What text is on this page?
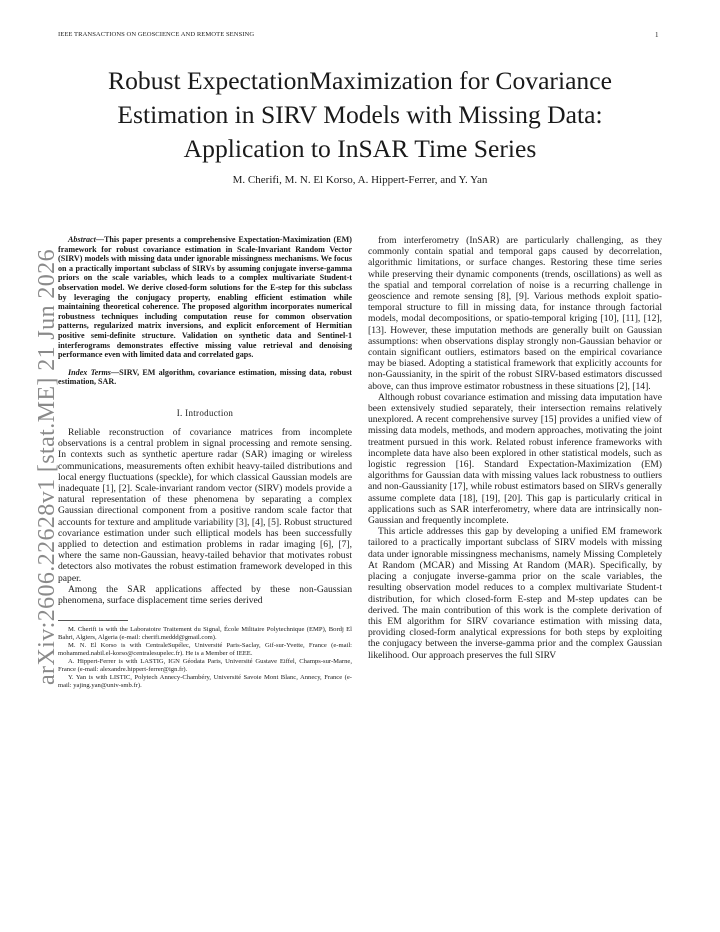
IEEE TRANSACTIONS ON GEOSCIENCE AND REMOTE SENSING	1
Robust ExpectationMaximization for Covariance
Estimation in SIRV Models with Missing Data:
Application to InSAR Time Series
M. Cherifi, M. N. El Korso, A. Hippert-Ferrer, and Y. Yan
arXiv:2606.22628v1 [stat.ME] 21 Jun 2026

Abstract—This paper presents a comprehensive Expectation-Maximization (EM) framework for robust covariance estimation in Scale-Invariant Random Vector (SIRV) models with missing data under ignorable missingness mechanisms. We focus on a practically important subclass of SIRVs by assuming conjugate inverse-gamma priors on the scale variables, which leads to a complex multivariate Student-t observation model. We derive closed-form solutions for the E-step for this subclass by leveraging the conjugacy property, enabling efficient estimation while maintaining theoretical coherence. The proposed algorithm incorporates numerical robustness techniques including computation reuse for common observation patterns, regularized matrix inversions, and explicit enforcement of Hermitian positive semi-definite structure. Validation on synthetic data and Sentinel-1 interferograms demonstrates effective missing value retrieval and denoising performance even with limited data and correlated gaps.

Index Terms—SIRV, EM algorithm, covariance estimation, missing data, robust estimation, SAR.

I. Introduction

Reliable reconstruction of covariance matrices from incomplete observations is a central problem in signal processing and remote sensing. In contexts such as synthetic aperture radar (SAR) imaging or wireless communications, measurements often exhibit heavy-tailed distributions and local energy fluctuations (speckle), for which classical Gaussian models are inadequate [1], [2]. Scale-invariant random vector (SIRV) models provide a natural representation of these phenomena by separating a complex Gaussian directional component from a positive random scale factor that accounts for texture and amplitude variability [3], [4], [5]. Robust structured covariance estimation under such elliptical models has been successfully applied to detection and estimation problems in radar imaging [6], [7], where the same non-Gaussian, heavy-tailed behavior that motivates robust detectors also motivates the robust estimation framework developed in this paper.

Among the SAR applications affected by these non-Gaussian phenomena, surface displacement time series derived

M. Cherifi is with the Laboratoire Traitement du Signal, École Militaire Polytechnique (EMP), Bordj El Bahri, Algiers, Algeria (e-mail: cherifi.meddd@gmail.com).

M. N. El Korso is with CentraleSupélec, Université Paris-Saclay, Gif-sur-Yvette, France (e-mail: mohammed.nabil.el-korso@centralesupelec.fr). He is a Member of IEEE.

A. Hippert-Ferrer is with LASTIG, IGN Géodata Paris, Université Gustave Eiffel, Champs-sur-Marne, France (e-mail: alexandre.hippert-ferrer@ign.fr).

Y. Yan is with LISTIC, Polytech Annecy-Chambéry, Université Savoie Mont Blanc, Annecy, France (e-mail: yajing.yan@univ-smb.fr).

from interferometry (InSAR) are particularly challenging, as they commonly contain spatial and temporal gaps caused by decorrelation, algorithmic limitations, or surface changes. Restoring these time series while preserving their dynamic components (trends, oscillations) as well as the spatial and temporal correlation of noise is a recurring challenge in geoscience and remote sensing [8], [9]. Various methods exploit spatio-temporal structure to fill in missing data, for instance through factorial models, modal decompositions, or spatio-temporal kriging [10], [11], [12], [13]. However, these imputation methods are generally built on Gaussian assumptions: when observations display strongly non-Gaussian behavior or contain significant outliers, estimators based on the empirical covariance may be biased. Adopting a statistical framework that explicitly accounts for non-Gaussianity, in the spirit of the robust SIRV-based estimators discussed above, can thus improve estimator robustness in these situations [2], [14].

Although robust covariance estimation and missing data imputation have been extensively studied separately, their intersection remains relatively unexplored. A recent comprehensive survey [15] provides a unified view of missing data models, methods, and modern approaches, motivating the joint treatment pursued in this work. Related robust inference frameworks with incomplete data have also been explored in other statistical models, such as logistic regression [16]. Standard Expectation-Maximization (EM) algorithms for Gaussian data with missing values lack robustness to outliers and non-Gaussianity [17], while robust estimators based on SIRVs generally assume complete data [18], [19], [20]. This gap is particularly critical in applications such as SAR interferometry, where data are intrinsically non-Gaussian and frequently incomplete.

This article addresses this gap by developing a unified EM framework tailored to a practically important subclass of SIRV models with missing data under ignorable missingness mechanisms, namely Missing Completely At Random (MCAR) and Missing At Random (MAR). Specifically, by placing a conjugate inverse-gamma prior on the scale variables, the resulting observation model reduces to a complex multivariate Student-t distribution, for which closed-form E-step and M-step updates can be derived. The main contribution of this work is the complete derivation of this EM algorithm for SIRV covariance estimation with missing data, providing closed-form analytical expressions for both steps by exploiting the conjugacy between the inverse-gamma prior and the complex Gaussian likelihood. Our approach preserves the full SIRV
